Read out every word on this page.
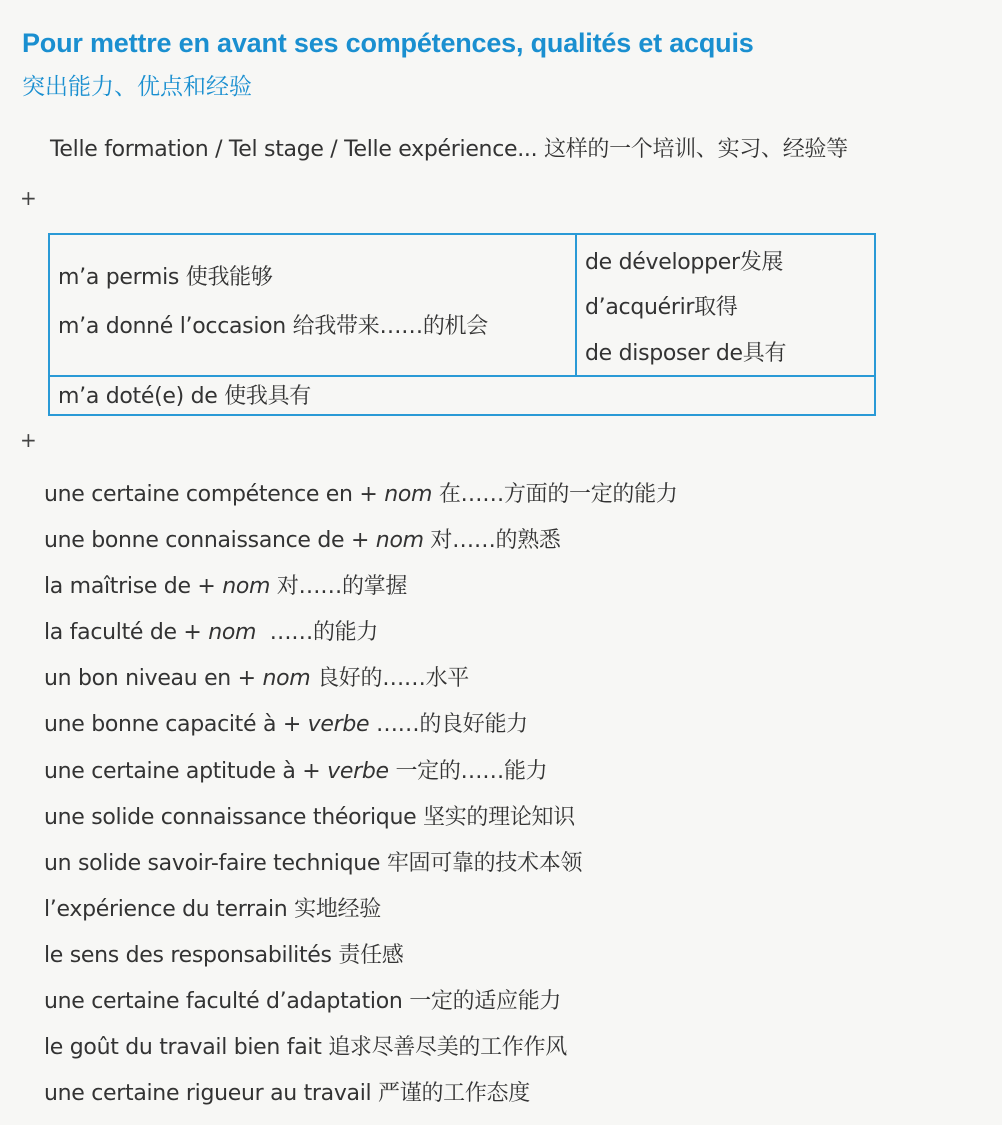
Pour mettre en avant ses compétences, qualités et acquis
突出能力、优点和经验
Telle formation / Tel stage / Telle expérience... 这样的一个培训、实习、经验等
+
m’a permis 使我能够
m’a donné l’occasion 给我带来……的机会
de développer发展
d’acquérir取得
de disposer de具有
m’a doté(e) de 使我具有
+
une certaine compétence en + nom 在……方面的一定的能力
une bonne connaissance de + nom 对……的熟悉
la maîtrise de + nom 对……的掌握
la faculté de + nom  ……的能力
un bon niveau en + nom 良好的……水平
une bonne capacité à + verbe ……的良好能力
une certaine aptitude à + verbe 一定的……能力
une solide connaissance théorique 坚实的理论知识
un solide savoir-faire technique 牢固可靠的技术本领
l’expérience du terrain 实地经验
le sens des responsabilités 责任感
une certaine faculté d’adaptation 一定的适应能力
le goût du travail bien fait 追求尽善尽美的工作作风
une certaine rigueur au travail 严谨的工作态度
